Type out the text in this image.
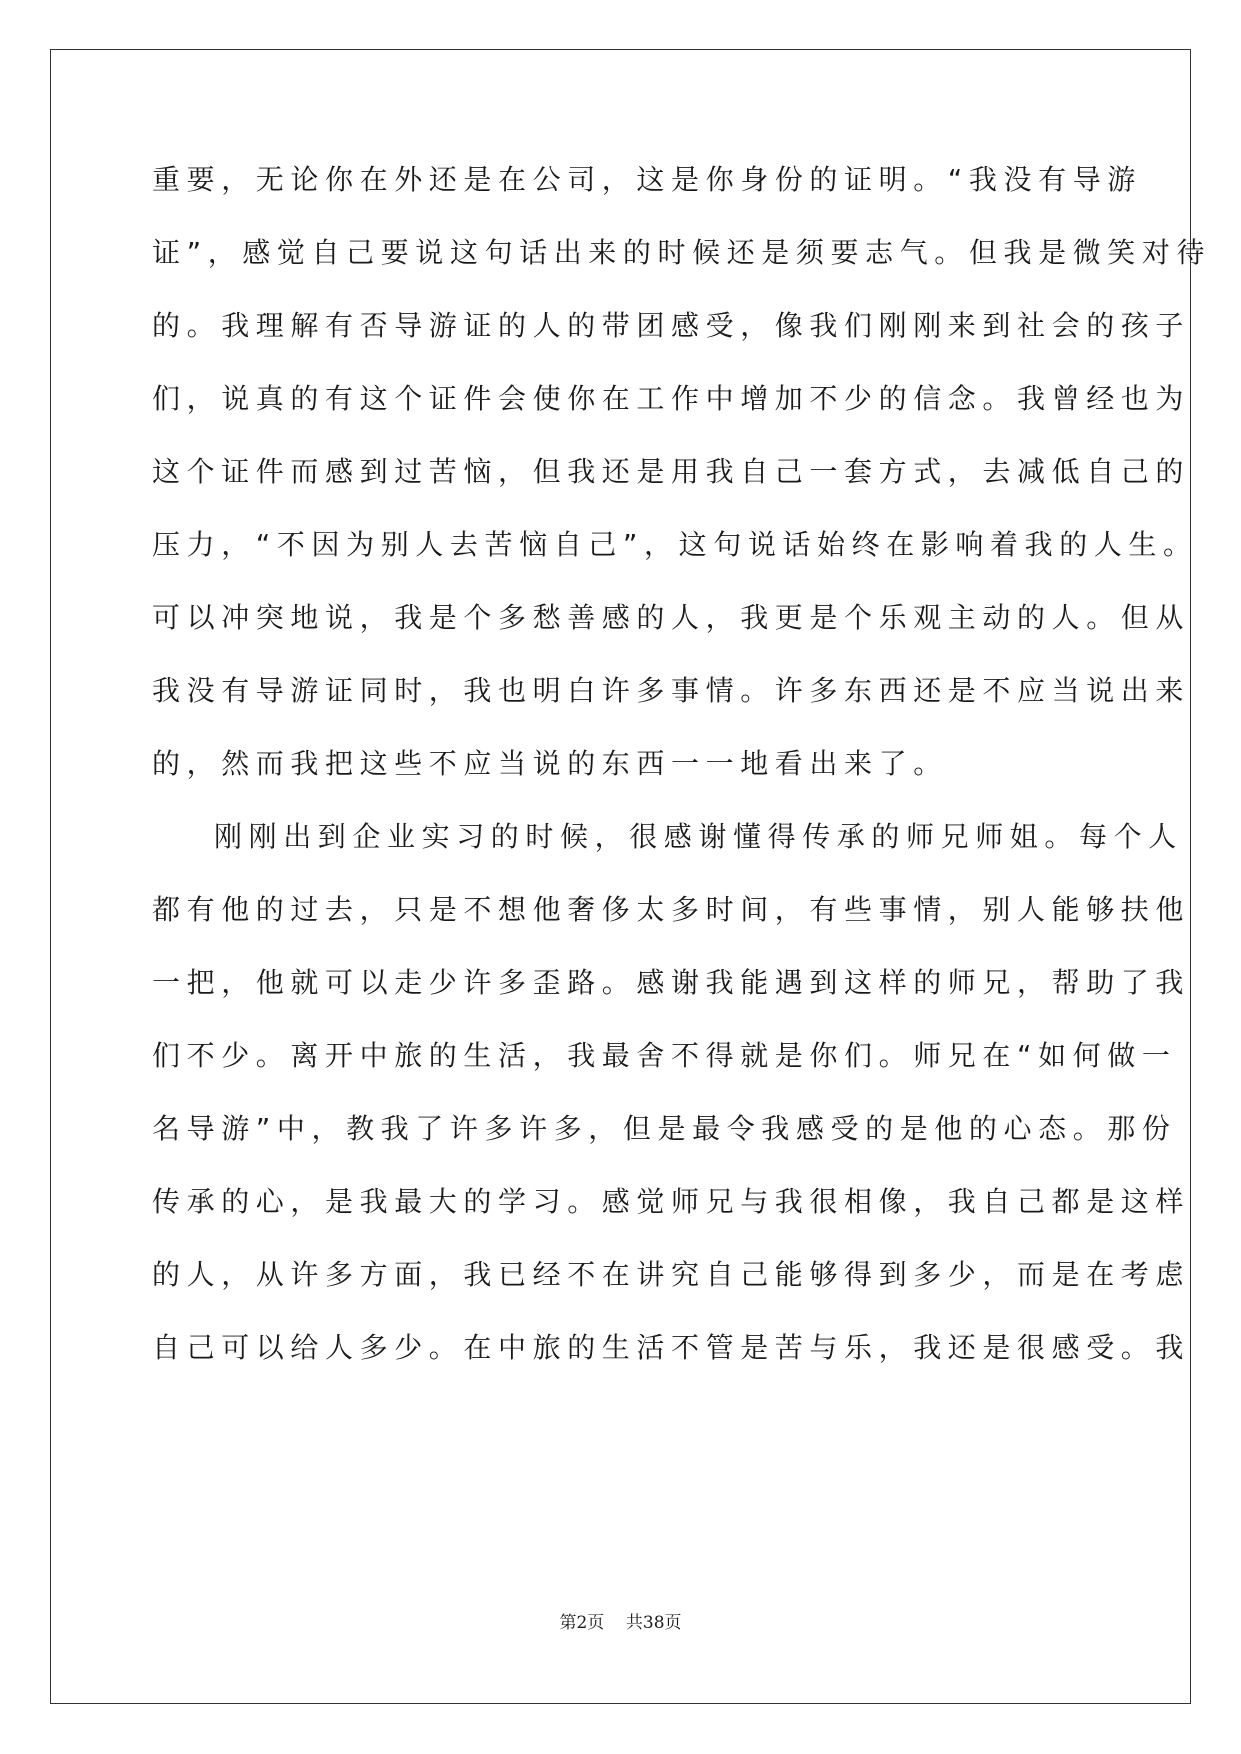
重要，无论你在外还是在公司，这是你身份的证明。“我没有导游
证”，感觉自己要说这句话出来的时候还是须要志气。但我是微笑对待
的。我理解有否导游证的人的带团感受，像我们刚刚来到社会的孩子
们，说真的有这个证件会使你在工作中增加不少的信念。我曾经也为
这个证件而感到过苦恼，但我还是用我自己一套方式，去减低自己的
压力，“不因为别人去苦恼自己”，这句说话始终在影响着我的人生。
可以冲突地说，我是个多愁善感的人，我更是个乐观主动的人。但从
我没有导游证同时，我也明白许多事情。许多东西还是不应当说出来
的，然而我把这些不应当说的东西一一地看出来了。
刚刚出到企业实习的时候，很感谢懂得传承的师兄师姐。每个人
都有他的过去，只是不想他奢侈太多时间，有些事情，别人能够扶他
一把，他就可以走少许多歪路。感谢我能遇到这样的师兄，帮助了我
们不少。离开中旅的生活，我最舍不得就是你们。师兄在“如何做一
名导游”中，教我了许多许多，但是最令我感受的是他的心态。那份
传承的心，是我最大的学习。感觉师兄与我很相像，我自己都是这样
的人，从许多方面，我已经不在讲究自己能够得到多少，而是在考虑
自己可以给人多少。在中旅的生活不管是苦与乐，我还是很感受。我
第2页 共38页
